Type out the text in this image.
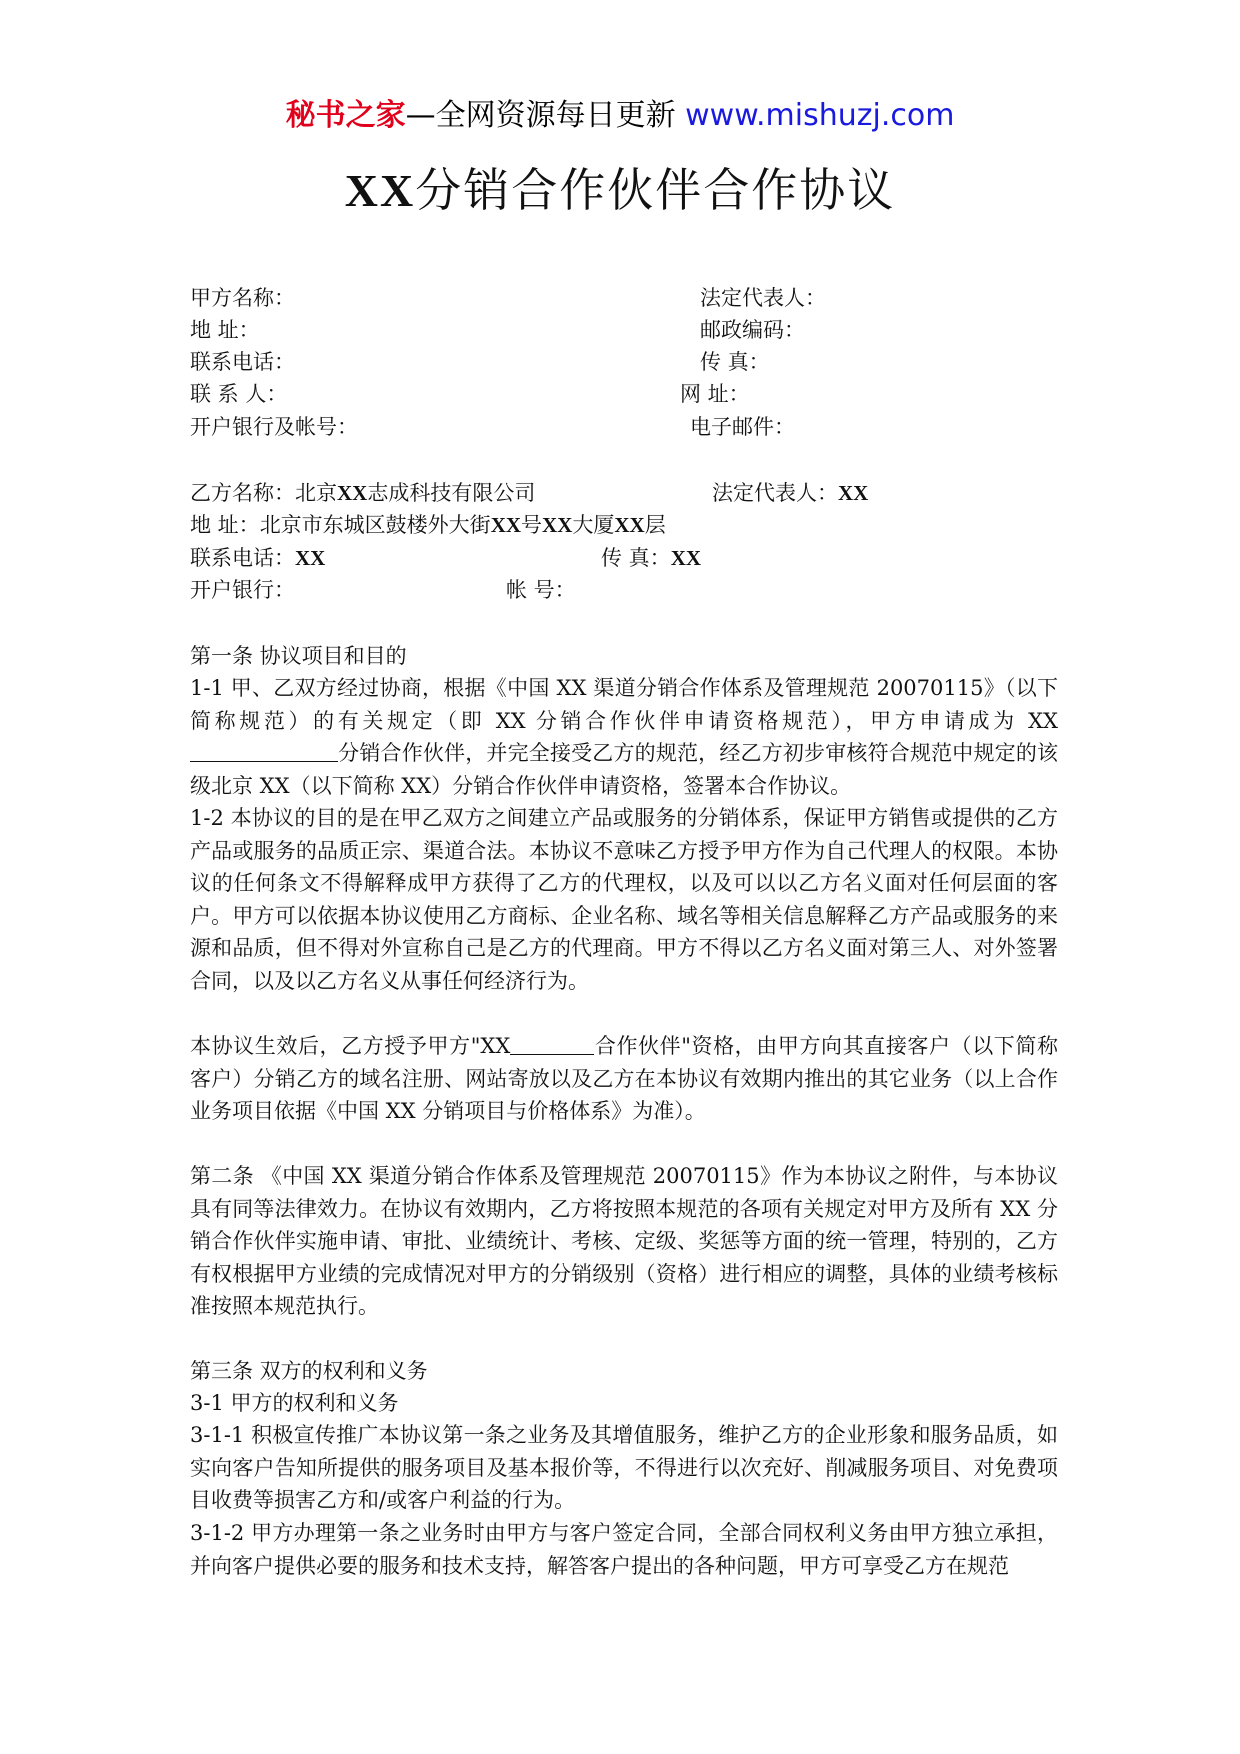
秘书之家—全网资源每日更新 www.mishuzj.com
XX分销合作伙伴合作协议
甲方名称：	法定代表人：
地 址：	邮政编码：
联系电话：	传 真：
联 系 人：	网 址：
开户银行及帐号：	电子邮件：
乙方名称：北京XX志成科技有限公司	法定代表人：XX
地 址：北京市东城区鼓楼外大街XX号XX大厦XX层
联系电话：XX	传 真：XX
开户银行：	帐 号：
第一条 协议项目和目的
1-1 甲、乙双方经过协商，根据《中国 XX 渠道分销合作体系及管理规范 20070115》（以下简称规范）的有关规定（即 XX 分销合作伙伴申请资格规范），甲方申请成为 XX分销合作伙伴，并完全接受乙方的规范，经乙方初步审核符合规范中规定的该级北京 XX（以下简称 XX）分销合作伙伴申请资格，签署本合作协议。
1-2 本协议的目的是在甲乙双方之间建立产品或服务的分销体系，保证甲方销售或提供的乙方产品或服务的品质正宗、渠道合法。本协议不意味乙方授予甲方作为自己代理人的权限。本协议的任何条文不得解释成甲方获得了乙方的代理权，以及可以以乙方名义面对任何层面的客户。甲方可以依据本协议使用乙方商标、企业名称、域名等相关信息解释乙方产品或服务的来源和品质，但不得对外宣称自己是乙方的代理商。甲方不得以乙方名义面对第三人、对外签署合同，以及以乙方名义从事任何经济行为。
本协议生效后，乙方授予甲方"XX	合作伙伴"资格，由甲方向其直接客户（以下简称客户）分销乙方的域名注册、网站寄放以及乙方在本协议有效期内推出的其它业务（以上合作业务项目依据《中国 XX 分销项目与价格体系》为准）。
第二条 《中国 XX 渠道分销合作体系及管理规范 20070115》作为本协议之附件，与本协议具有同等法律效力。在协议有效期内，乙方将按照本规范的各项有关规定对甲方及所有 XX 分销合作伙伴实施申请、审批、业绩统计、考核、定级、奖惩等方面的统一管理，特别的，乙方有权根据甲方业绩的完成情况对甲方的分销级别（资格）进行相应的调整，具体的业绩考核标准按照本规范执行。
第三条 双方的权利和义务
3-1 甲方的权利和义务
3-1-1 积极宣传推广本协议第一条之业务及其增值服务，维护乙方的企业形象和服务品质，如实向客户告知所提供的服务项目及基本报价等，不得进行以次充好、削减服务项目、对免费项目收费等损害乙方和/或客户利益的行为。
3-1-2 甲方办理第一条之业务时由甲方与客户签定合同，全部合同权利义务由甲方独立承担，并向客户提供必要的服务和技术支持，解答客户提出的各种问题，甲方可享受乙方在规范
